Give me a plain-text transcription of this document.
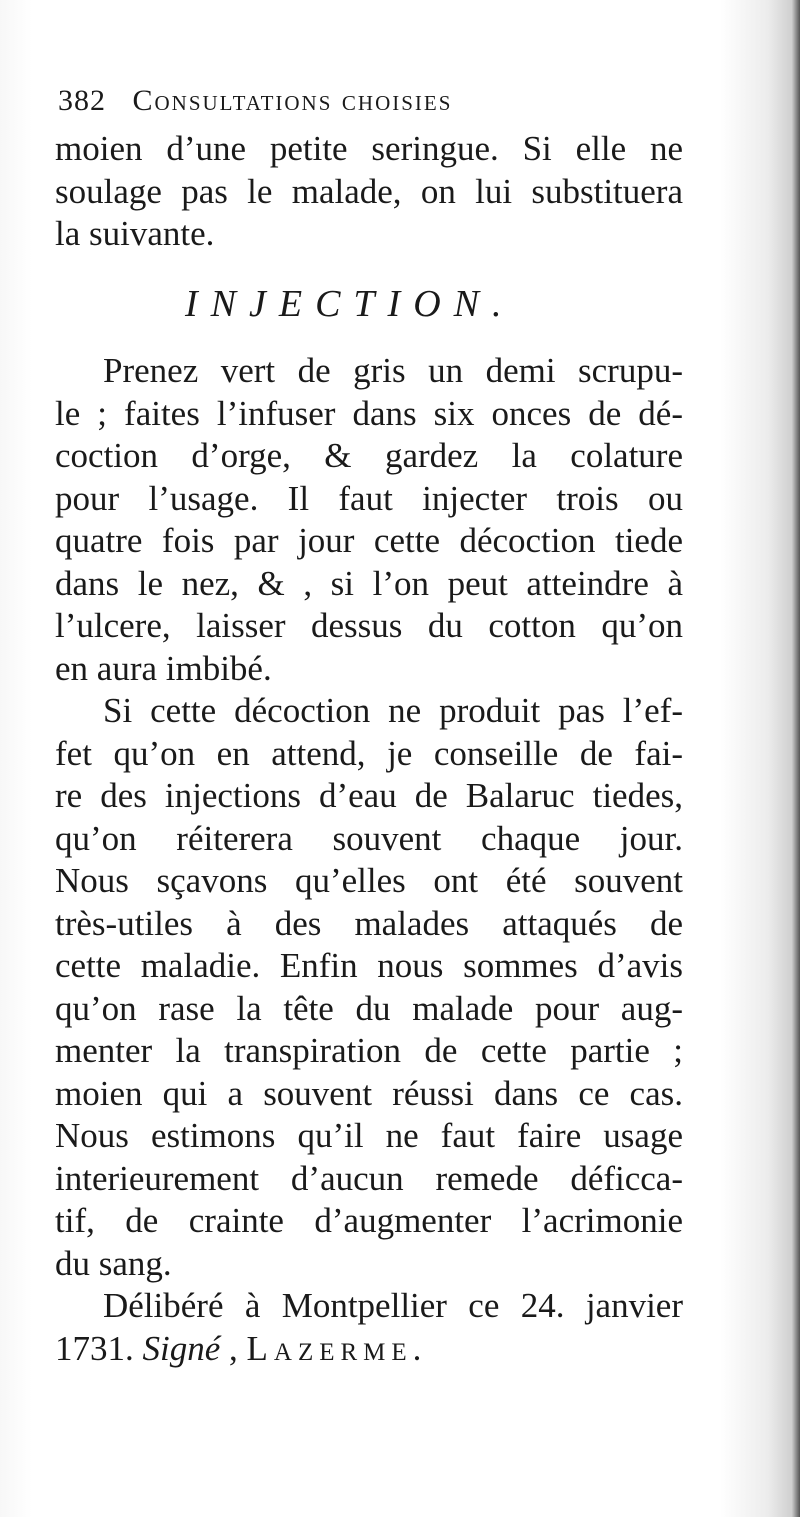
382 Consultations choisies
moien d’une petite seringue. Si elle ne
soulage pas le malade, on lui substituera
la suivante.
INJECTION.
Prenez vert de gris un demi scrupu-
le ; faites l’infuser dans six onces de dé-
coction d’orge, & gardez la colature
pour l’usage. Il faut injecter trois ou
quatre fois par jour cette décoction tiede
dans le nez, & , si l’on peut atteindre à
l’ulcere, laisser dessus du cotton qu’on
en aura imbibé.
Si cette décoction ne produit pas l’ef-
fet qu’on en attend, je conseille de fai-
re des injections d’eau de Balaruc tiedes,
qu’on réiterera souvent chaque jour.
Nous sçavons qu’elles ont été souvent
très-utiles à des malades attaqués de
cette maladie. Enfin nous sommes d’avis
qu’on rase la tête du malade pour aug-
menter la transpiration de cette partie ;
moien qui a souvent réussi dans ce cas.
Nous estimons qu’il ne faut faire usage
interieurement d’aucun remede déficca-
tif, de crainte d’augmenter l’acrimonie
du sang.
Délibéré à Montpellier ce 24. janvier
1731. Signé , Lazerme.
